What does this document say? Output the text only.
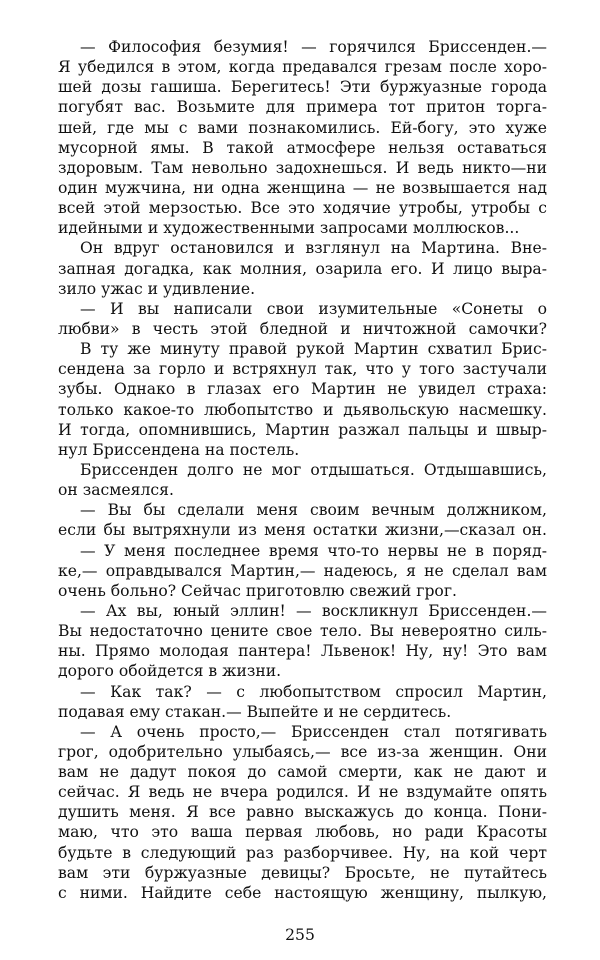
— Философия безумия! — горячился Бриссенден.—
Я убедился в этом, когда предавался грезам после хоро-
шей дозы гашиша. Берегитесь! Эти буржуазные города
погубят вас. Возьмите для примера тот притон торга-
шей, где мы с вами познакомились. Ей-богу, это хуже
мусорной ямы. В такой атмосфере нельзя оставаться
здоровым. Там невольно задохнешься. И ведь никто—ни
один мужчина, ни одна женщина — не возвышается над
всей этой мерзостью. Все это ходячие утробы, утробы с
идейными и художественными запросами моллюсков...
Он вдруг остановился и взглянул на Мартина. Вне-
запная догадка, как молния, озарила его. И лицо выра-
зило ужас и удивление.
— И вы написали свои изумительные «Сонеты о
любви» в честь этой бледной и ничтожной самочки?
В ту же минуту правой рукой Мартин схватил Брис-
сендена за горло и встряхнул так, что у того застучали
зубы. Однако в глазах его Мартин не увидел страха:
только какое-то любопытство и дьявольскую насмешку.
И тогда, опомнившись, Мартин разжал пальцы и швыр-
нул Бриссендена на постель.
Бриссенден долго не мог отдышаться. Отдышавшись,
он засмеялся.
— Вы бы сделали меня своим вечным должником,
если бы вытряхнули из меня остатки жизни,—сказал он.
— У меня последнее время что-то нервы не в поряд-
ке,— оправдывался Мартин,— надеюсь, я не сделал вам
очень больно? Сейчас приготовлю свежий грог.
— Ах вы, юный эллин! — воскликнул Бриссенден.—
Вы недостаточно цените свое тело. Вы невероятно силь-
ны. Прямо молодая пантера! Львенок! Ну, ну! Это вам
дорого обойдется в жизни.
— Как так? — с любопытством спросил Мартин,
подавая ему стакан.— Выпейте и не сердитесь.
— А очень просто,— Бриссенден стал потягивать
грог, одобрительно улыбаясь,— все из-за женщин. Они
вам не дадут покоя до самой смерти, как не дают и
сейчас. Я ведь не вчера родился. И не вздумайте опять
душить меня. Я все равно выскажусь до конца. Пони-
маю, что это ваша первая любовь, но ради Красоты
будьте в следующий раз разборчивее. Ну, на кой черт
вам эти буржуазные девицы? Бросьте, не путайтесь
с ними. Найдите себе настоящую женщину, пылкую,
255
